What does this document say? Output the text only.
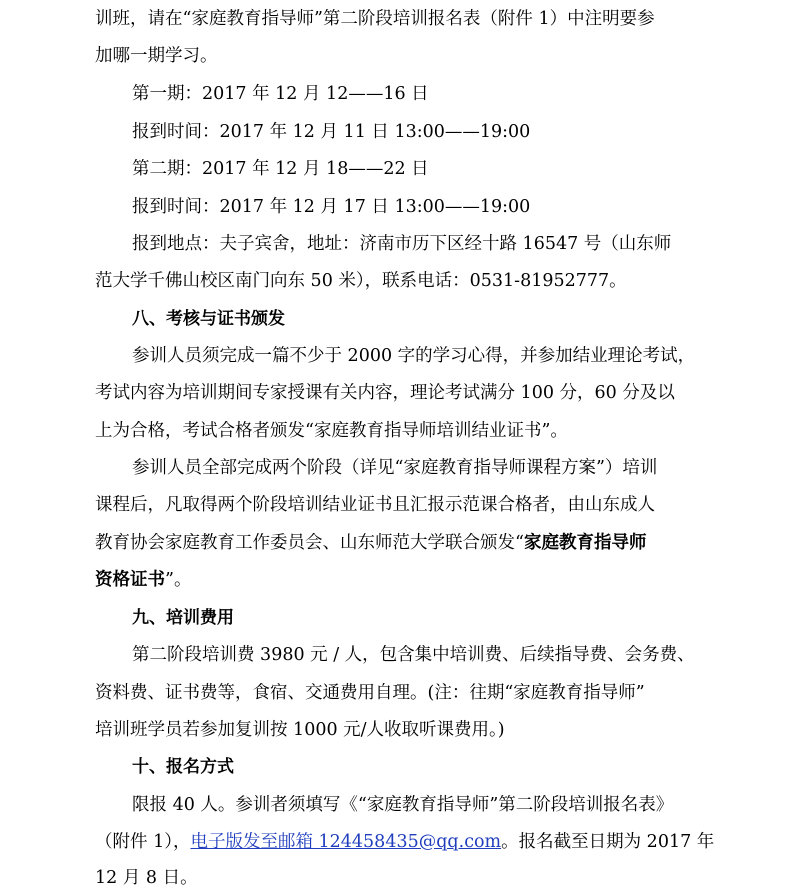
训班，请在“家庭教育指导师”第二阶段培训报名表（附件 1）中注明要参
加哪一期学习。
第一期：2017 年 12 月 12——16 日
报到时间：2017 年 12 月 11 日 13:00——19:00
第二期：2017 年 12 月 18——22 日
报到时间：2017 年 12 月 17 日 13:00——19:00
报到地点：夫子宾舍，地址：济南市历下区经十路 16547 号（山东师
范大学千佛山校区南门向东 50 米），联系电话：0531-81952777。
八、考核与证书颁发
参训人员须完成一篇不少于 2000 字的学习心得，并参加结业理论考试，
考试内容为培训期间专家授课有关内容，理论考试满分 100 分，60 分及以
上为合格，考试合格者颁发“家庭教育指导师培训结业证书”。
参训人员全部完成两个阶段（详见“家庭教育指导师课程方案”）培训
课程后，凡取得两个阶段培训结业证书且汇报示范课合格者，由山东成人
教育协会家庭教育工作委员会、山东师范大学联合颁发“家庭教育指导师
资格证书”。
九、培训费用
第二阶段培训费 3980 元 / 人，包含集中培训费、后续指导费、会务费、
资料费、证书费等，食宿、交通费用自理。(注：往期“家庭教育指导师”
培训班学员若参加复训按 1000 元/人收取听课费用。)
十、报名方式
限报 40 人。参训者须填写《“家庭教育指导师”第二阶段培训报名表》
（附件 1），电子版发至邮箱 124458435@qq.com。报名截至日期为 2017 年
12 月 8 日。
